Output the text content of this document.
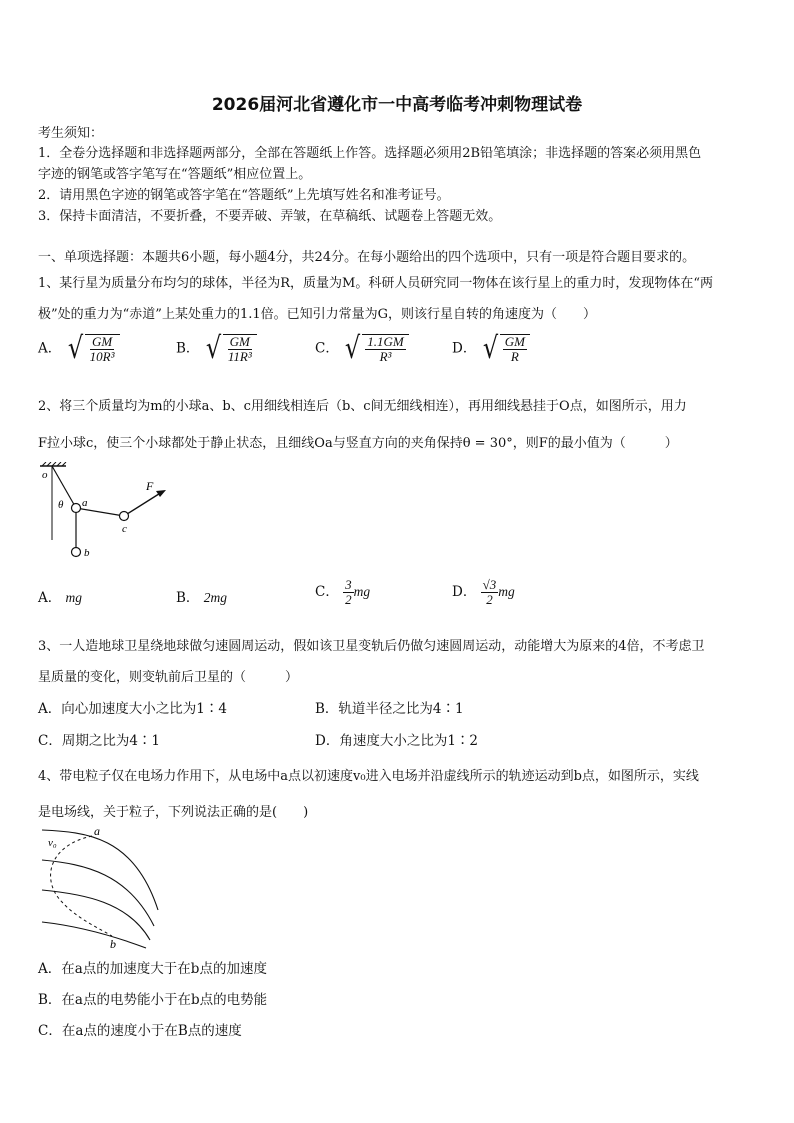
2026届河北省遵化市一中高考临考冲刺物理试卷
考生须知：
1．全卷分选择题和非选择题两部分，全部在答题纸上作答。选择题必须用2B铅笔填涂；非选择题的答案必须用黑色
字迹的钢笔或答字笔写在“答题纸”相应位置上。
2．请用黑色字迹的钢笔或答字笔在“答题纸”上先填写姓名和准考证号。
3．保持卡面清洁，不要折叠，不要弄破、弄皱，在草稿纸、试题卷上答题无效。
一、单项选择题：本题共6小题，每小题4分，共24分。在每小题给出的四个选项中，只有一项是符合题目要求的。
1、某行星为质量分布均匀的球体，半径为R，质量为M。科研人员研究同一物体在该行星上的重力时，发现物体在“两
极”处的重力为“赤道”上某处重力的1.1倍。已知引力常量为G，则该行星自转的角速度为（　　）
A． √ $\frac{GM}{\text{10R³}}$	B． √ $\frac{GM}{\text{11R³}}$	C． √ $\frac{1.1GM}{\text{R³}}$	D． √ $\frac{GM}{R}$
2、将三个质量均为m的小球a、b、c用细线相连后（b、c间无细线相连），再用细线悬挂于O点，如图所示，用力
F拉小球c，使三个小球都处于静止状态，且细线Oa与竖直方向的夹角保持θ = 30°，则F的最小值为（　　　）
o
θ a
b
c
F
A． mg	B． 2mg	C． $\frac{3}{2}$ mg	D． $\frac{√3}{2}$ mg
3、一人造地球卫星绕地球做匀速圆周运动，假如该卫星变轨后仍做匀速圆周运动，动能增大为原来的4倍，不考虑卫
星质量的变化，则变轨前后卫星的（　　　）
A．向心加速度大小之比为1∶4	B．轨道半径之比为4∶1
C．周期之比为4∶1	D．角速度大小之比为1∶2
4、带电粒子仅在电场力作用下，从电场中a点以初速度v₀进入电场并沿虚线所示的轨迹运动到b点，如图所示，实线
是电场线，关于粒子，下列说法正确的是(　　)
a
v₀
b
A．在a点的加速度大于在b点的加速度
B．在a点的电势能小于在b点的电势能
C．在a点的速度小于在B点的速度
